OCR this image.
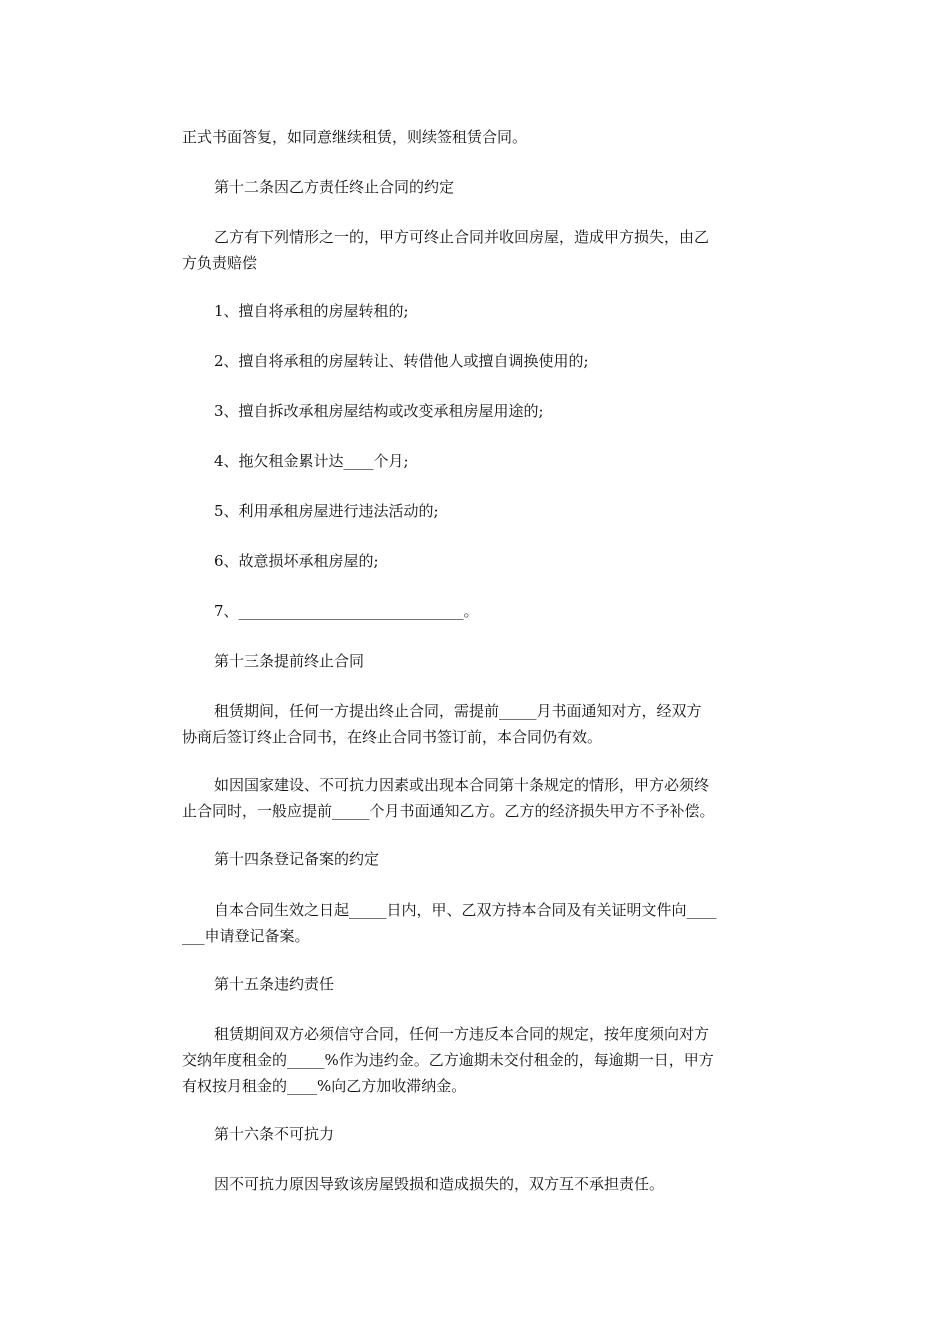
正式书面答复，如同意继续租赁，则续签租赁合同。

第十二条因乙方责任终止合同的约定

乙方有下列情形之一的，甲方可终止合同并收回房屋，造成甲方损失，由乙
方负责赔偿

1、擅自将承租的房屋转租的;

2、擅自将承租的房屋转让、转借他人或擅自调换使用的;

3、擅自拆改承租房屋结构或改变承租房屋用途的;

4、拖欠租金累计达____个月;

5、利用承租房屋进行违法活动的;

6、故意损坏承租房屋的;

7、______________________________。

第十三条提前终止合同

租赁期间，任何一方提出终止合同，需提前_____月书面通知对方，经双方
协商后签订终止合同书，在终止合同书签订前，本合同仍有效。

如因国家建设、不可抗力因素或出现本合同第十条规定的情形，甲方必须终
止合同时，一般应提前_____个月书面通知乙方。乙方的经济损失甲方不予补偿。

第十四条登记备案的约定

自本合同生效之日起_____日内，甲、乙双方持本合同及有关证明文件向____
___申请登记备案。

第十五条违约责任

租赁期间双方必须信守合同，任何一方违反本合同的规定，按年度须向对方
交纳年度租金的_____%作为违约金。乙方逾期未交付租金的，每逾期一日，甲方
有权按月租金的____%向乙方加收滞纳金。

第十六条不可抗力

因不可抗力原因导致该房屋毁损和造成损失的，双方互不承担责任。
